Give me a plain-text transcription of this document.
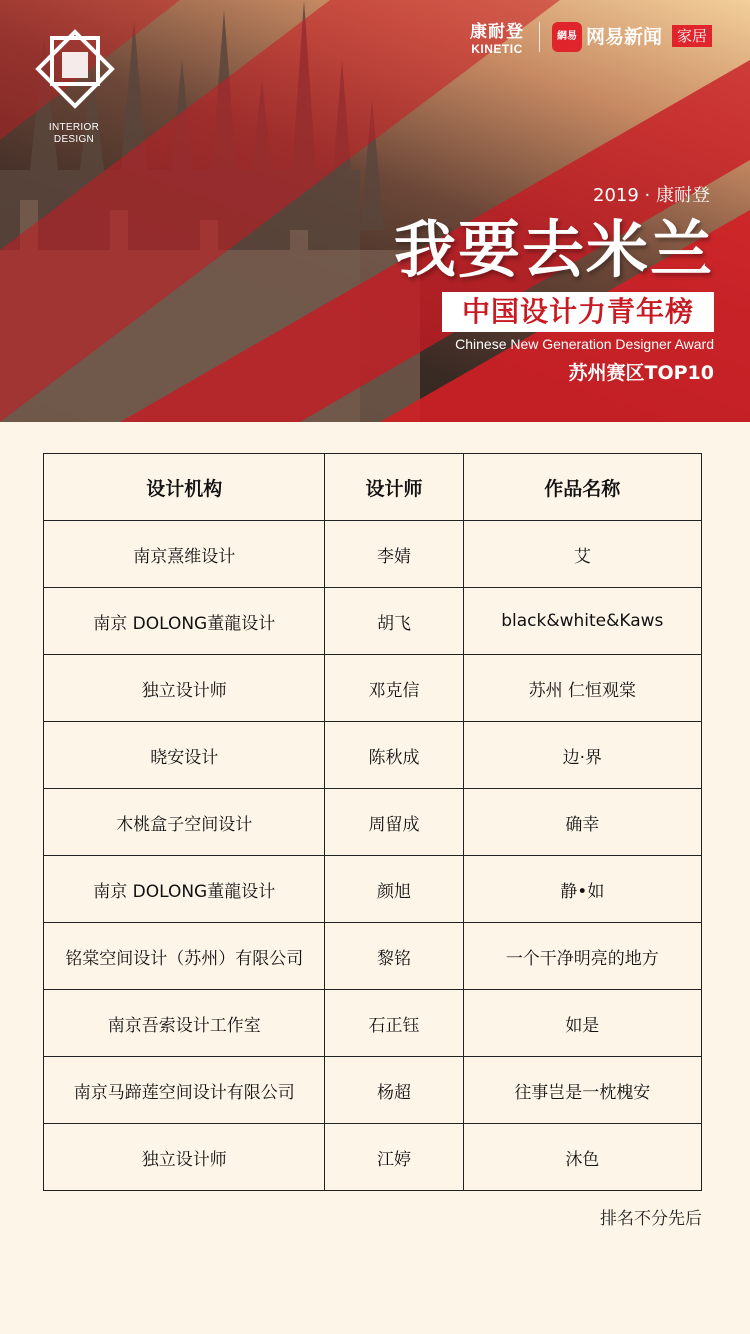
INTERIOR
DESIGN
康耐登
KINETIC
網易 网易新闻 家居
2019 · 康耐登
我要去米兰
中国设计力青年榜
Chinese New Generation Designer Award
苏州赛区TOP10
设计机构	设计师	作品名称
南京熹维设计	李婧	艾
南京 DOLONG董龍设计	胡飞	black&white&Kaws
独立设计师	邓克信	苏州 仁恒观棠
晓安设计	陈秋成	边·界
木桃盒子空间设计	周留成	确幸
南京 DOLONG董龍设计	颜旭	静•如
铭棠空间设计（苏州）有限公司	黎铭	一个干净明亮的地方
南京吾索设计工作室	石正钰	如是
南京马蹄莲空间设计有限公司	杨超	往事岂是一枕槐安
独立设计师	江婷	沐色
排名不分先后
